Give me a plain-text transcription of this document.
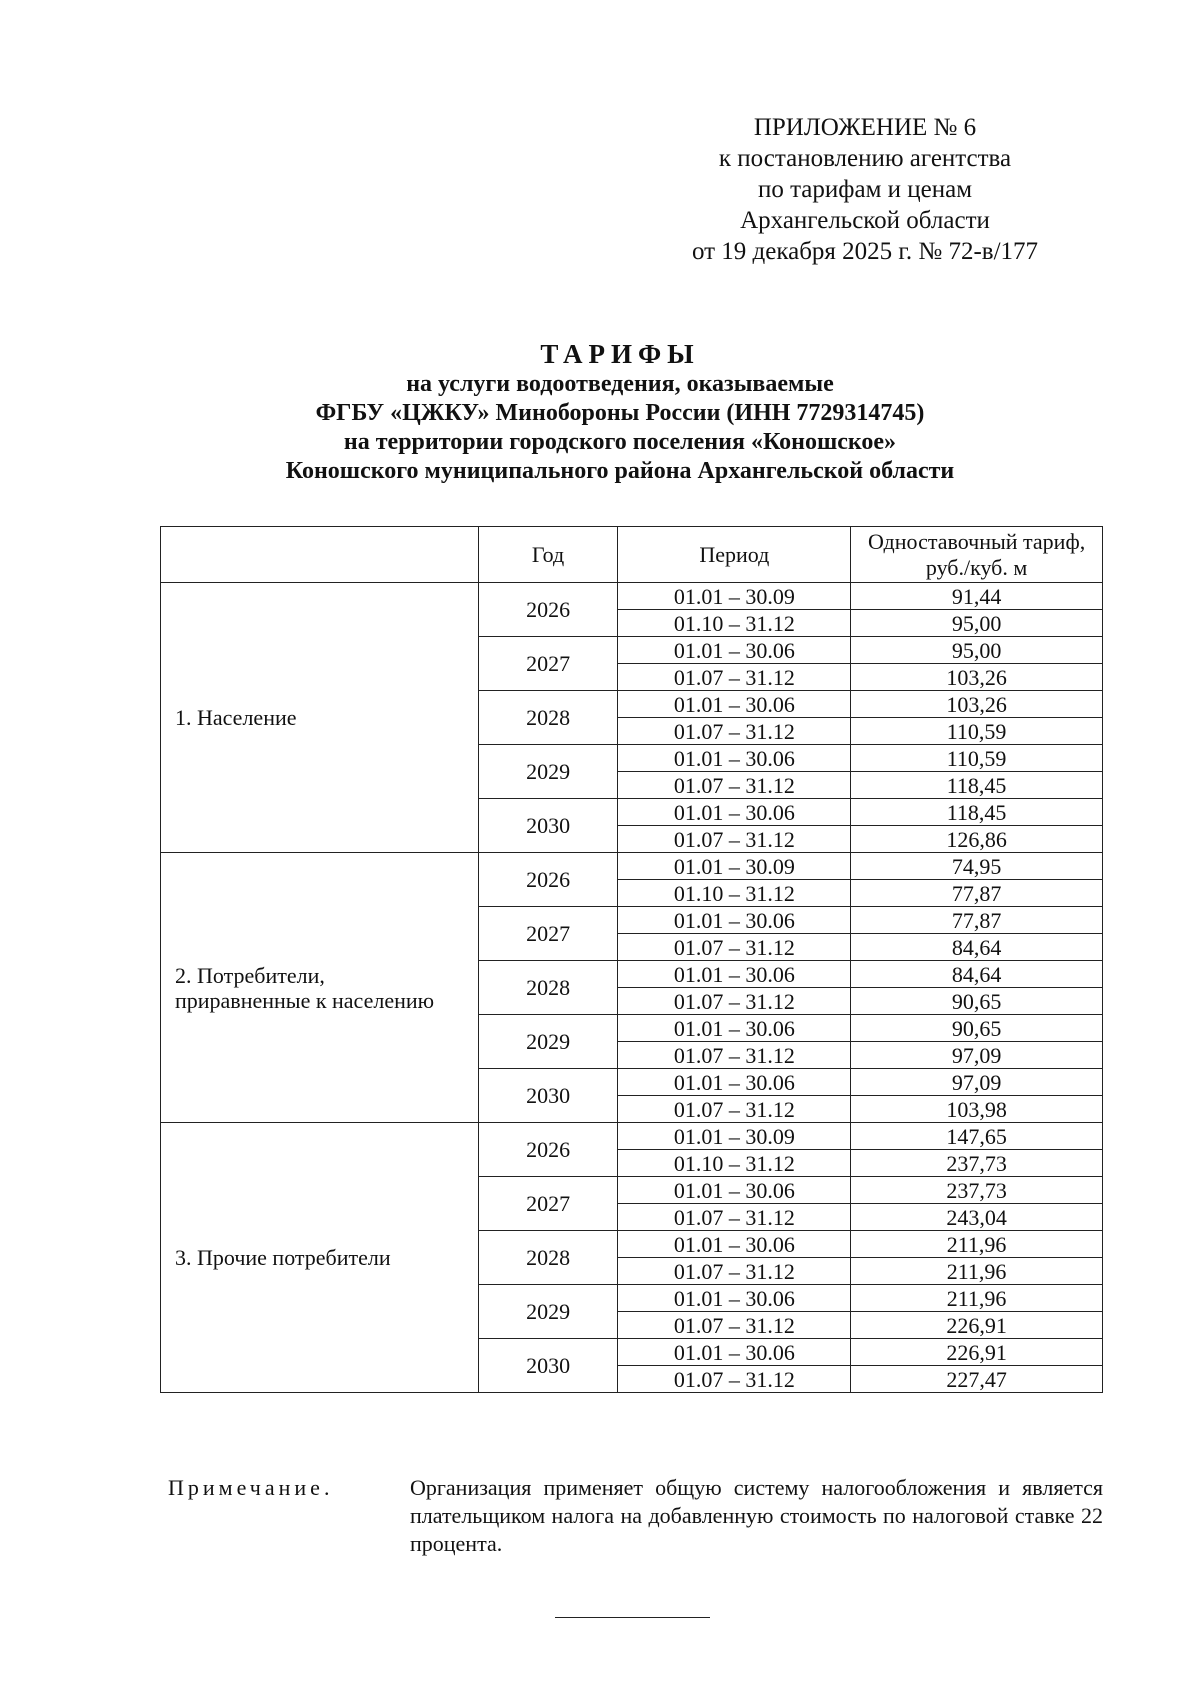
ПРИЛОЖЕНИЕ № 6
к постановлению агентства
по тарифам и ценам
Архангельской области
от 19 декабря 2025 г. № 72-в/177
ТАРИФЫ
на услуги водоотведения, оказываемые
ФГБУ «ЦЖКУ» Минобороны России (ИНН 7729314745)
на территории городского поселения «Коношское»
Коношского муниципального района Архангельской области
	Год	Период	Одноставочный тариф, руб./куб. м

1. Население	2026	01.01 – 30.09	91,44
		01.10 – 31.12	95,00
	2027	01.01 – 30.06	95,00
		01.07 – 31.12	103,26
	2028	01.01 – 30.06	103,26
		01.07 – 31.12	110,59
	2029	01.01 – 30.06	110,59
		01.07 – 31.12	118,45
	2030	01.01 – 30.06	118,45
		01.07 – 31.12	126,86

2. Потребители,
приравненные к населению	2026	01.01 – 30.09	74,95
		01.10 – 31.12	77,87
	2027	01.01 – 30.06	77,87
		01.07 – 31.12	84,64
	2028	01.01 – 30.06	84,64
		01.07 – 31.12	90,65
	2029	01.01 – 30.06	90,65
		01.07 – 31.12	97,09
	2030	01.01 – 30.06	97,09
		01.07 – 31.12	103,98

3. Прочие потребители	2026	01.01 – 30.09	147,65
		01.10 – 31.12	237,73
	2027	01.01 – 30.06	237,73
		01.07 – 31.12	243,04
	2028	01.01 – 30.06	211,96
		01.07 – 31.12	211,96
	2029	01.01 – 30.06	211,96
		01.07 – 31.12	226,91
	2030	01.01 – 30.06	226,91
		01.07 – 31.12	227,47
Примечание.	Организация применяет общую систему налогообложения и является плательщиком налога на добавленную стоимость по налоговой ставке 22 процента.
